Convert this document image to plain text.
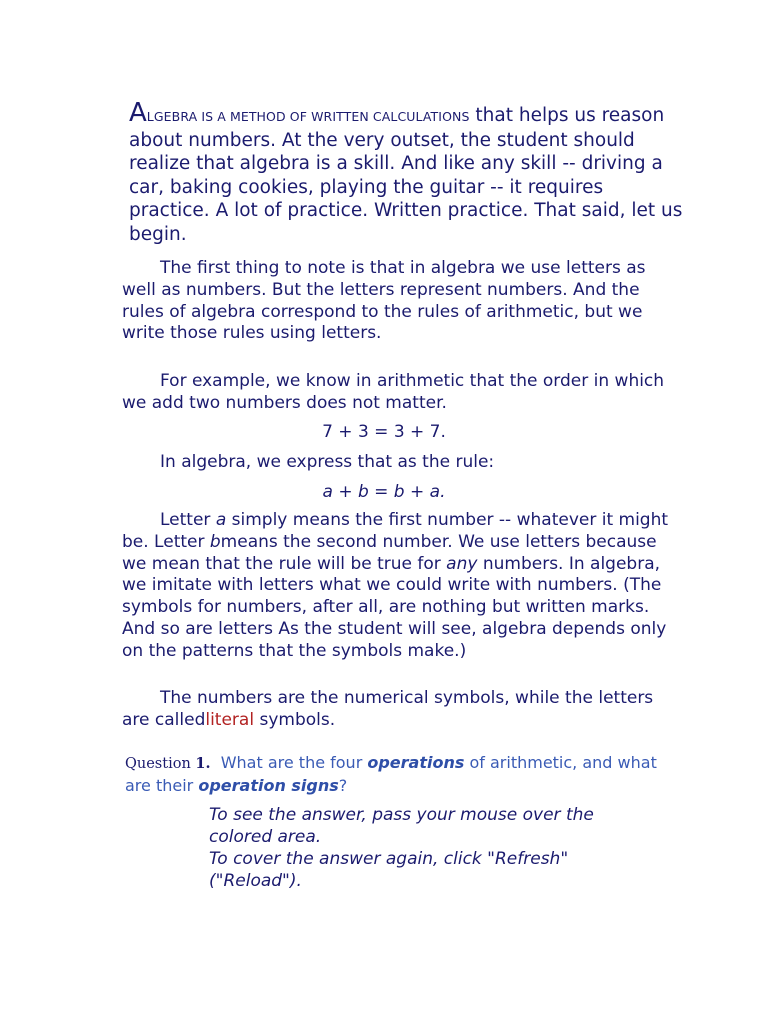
ALGEBRA IS A METHOD OF WRITTEN CALCULATIONS that helps us reason about numbers. At the very outset, the student should realize that algebra is a skill. And like any skill -- driving a car, baking cookies, playing the guitar -- it requires practice. A lot of practice. Written practice. That said, let us begin.
The first thing to note is that in algebra we use letters as well as numbers. But the letters represent numbers. And the rules of algebra correspond to the rules of arithmetic, but we write those rules using letters.
For example, we know in arithmetic that the order in which we add two numbers does not matter.
7 + 3 = 3 + 7.
In algebra, we express that as the rule:
a + b = b + a.
Letter a simply means the first number -- whatever it might be. Letter bmeans the second number. We use letters because we mean that the rule will be true for any numbers. In algebra, we imitate with letters what we could write with numbers. (The symbols for numbers, after all, are nothing but written marks. And so are letters As the student will see, algebra depends only on the patterns that the symbols make.)
The numbers are the numerical symbols, while the letters are calledliteral symbols.
Question 1. What are the four operations of arithmetic, and what are their operation signs?
To see the answer, pass your mouse over the colored area.
To cover the answer again, click "Refresh" ("Reload").
